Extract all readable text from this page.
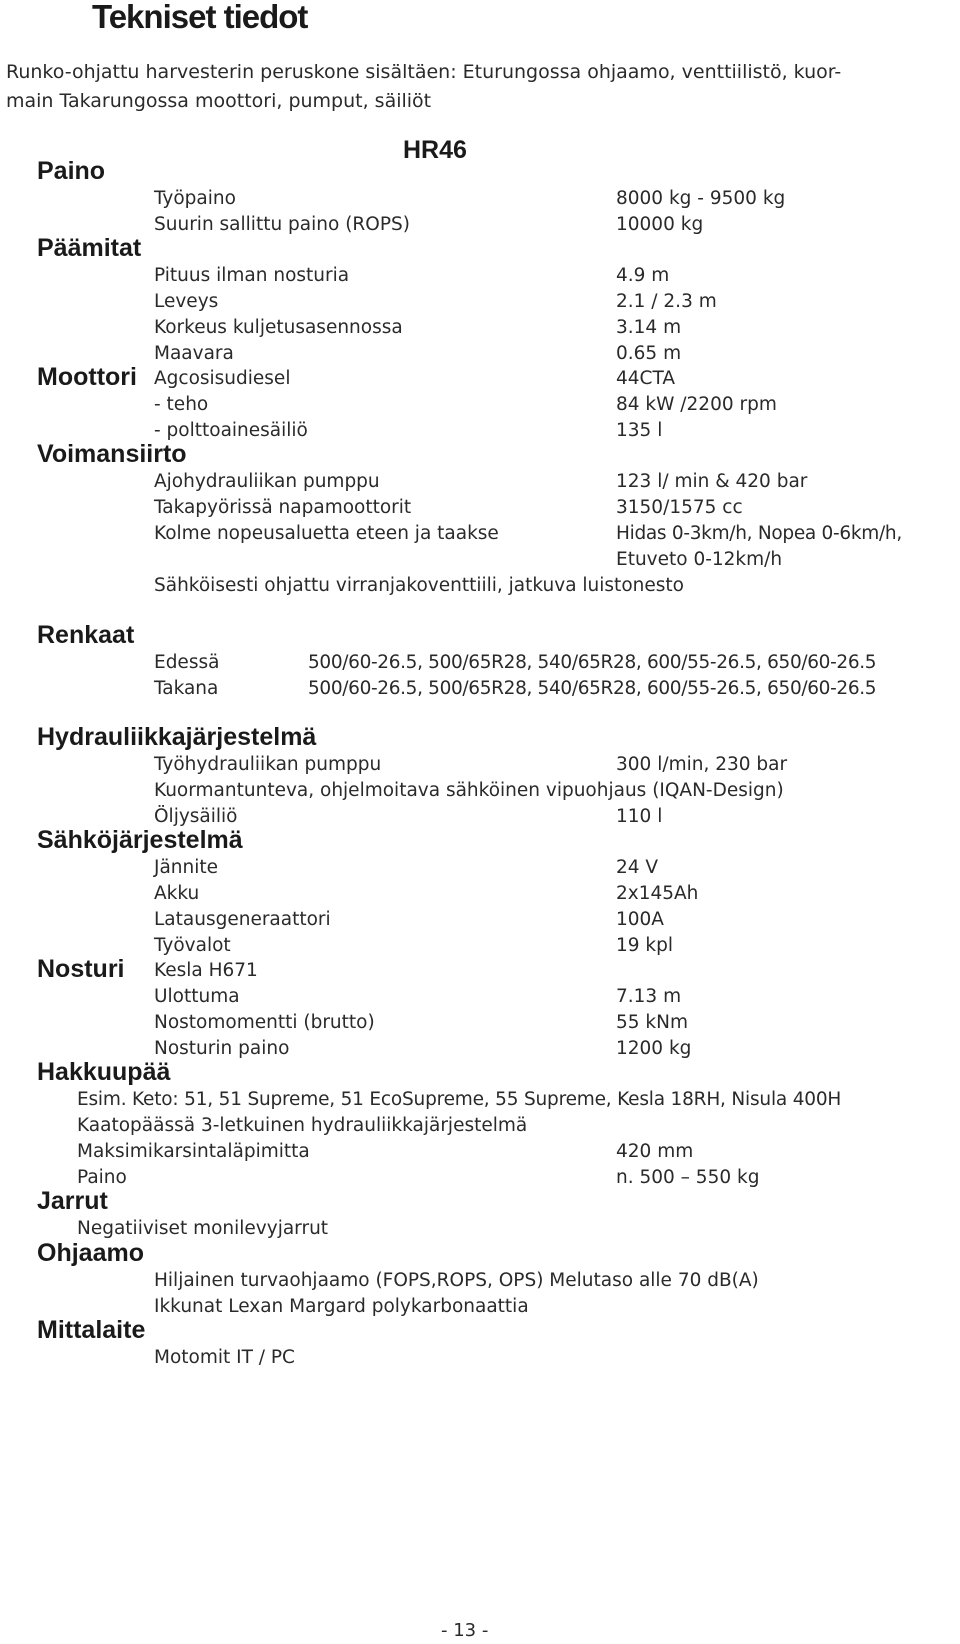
Tekniset tiedot
Runko-ohjattu harvesterin peruskone sisältäen: Eturungossa ohjaamo, venttiilistö, kuor-
main Takarungossa moottori, pumput, säiliöt
HR46
Paino
Työpaino	8000 kg - 9500 kg
Suurin sallittu paino (ROPS)	10000 kg
Päämitat
Pituus ilman nosturia	4.9 m
Leveys	2.1 / 2.3 m
Korkeus kuljetusasennossa	3.14 m
Maavara	0.65 m
Moottori Agcosisudiesel	44CTA
- teho	84 kW /2200 rpm
- polttoainesäiliö	135 l
Voimansiirto
Ajohydrauliikan pumppu	123 l/ min & 420 bar
Takapyörissä napamoottorit	3150/1575 cc
Kolme nopeusaluetta eteen ja taakse	Hidas 0-3km/h, Nopea 0-6km/h,
Etuveto 0-12km/h
Sähköisesti ohjattu virranjakoventtiili, jatkuva luistonesto
Renkaat
Edessä	500/60-26.5, 500/65R28, 540/65R28, 600/55-26.5, 650/60-26.5
Takana	500/60-26.5, 500/65R28, 540/65R28, 600/55-26.5, 650/60-26.5
Hydrauliikkajärjestelmä
Työhydrauliikan pumppu	300 l/min, 230 bar
Kuormantunteva, ohjelmoitava sähköinen vipuohjaus (IQAN-Design)
Öljysäiliö	110 l
Sähköjärjestelmä
Jännite	24 V
Akku	2x145Ah
Latausgeneraattori	100A
Työvalot	19 kpl
Nosturi Kesla H671
Ulottuma	7.13 m
Nostomomentti (brutto)	55 kNm
Nosturin paino	1200 kg
Hakkuupää
Esim. Keto: 51, 51 Supreme, 51 EcoSupreme, 55 Supreme, Kesla 18RH, Nisula 400H
Kaatopäässä 3-letkuinen hydrauliikkajärjestelmä
Maksimikarsintaläpimitta	420 mm
Paino	n. 500 – 550 kg
Jarrut
Negatiiviset monilevyjarrut
Ohjaamo
Hiljainen turvaohjaamo (FOPS,ROPS, OPS) Melutaso alle 70 dB(A)
Ikkunat Lexan Margard polykarbonaattia
Mittalaite
Motomit IT / PC
- 13 -
